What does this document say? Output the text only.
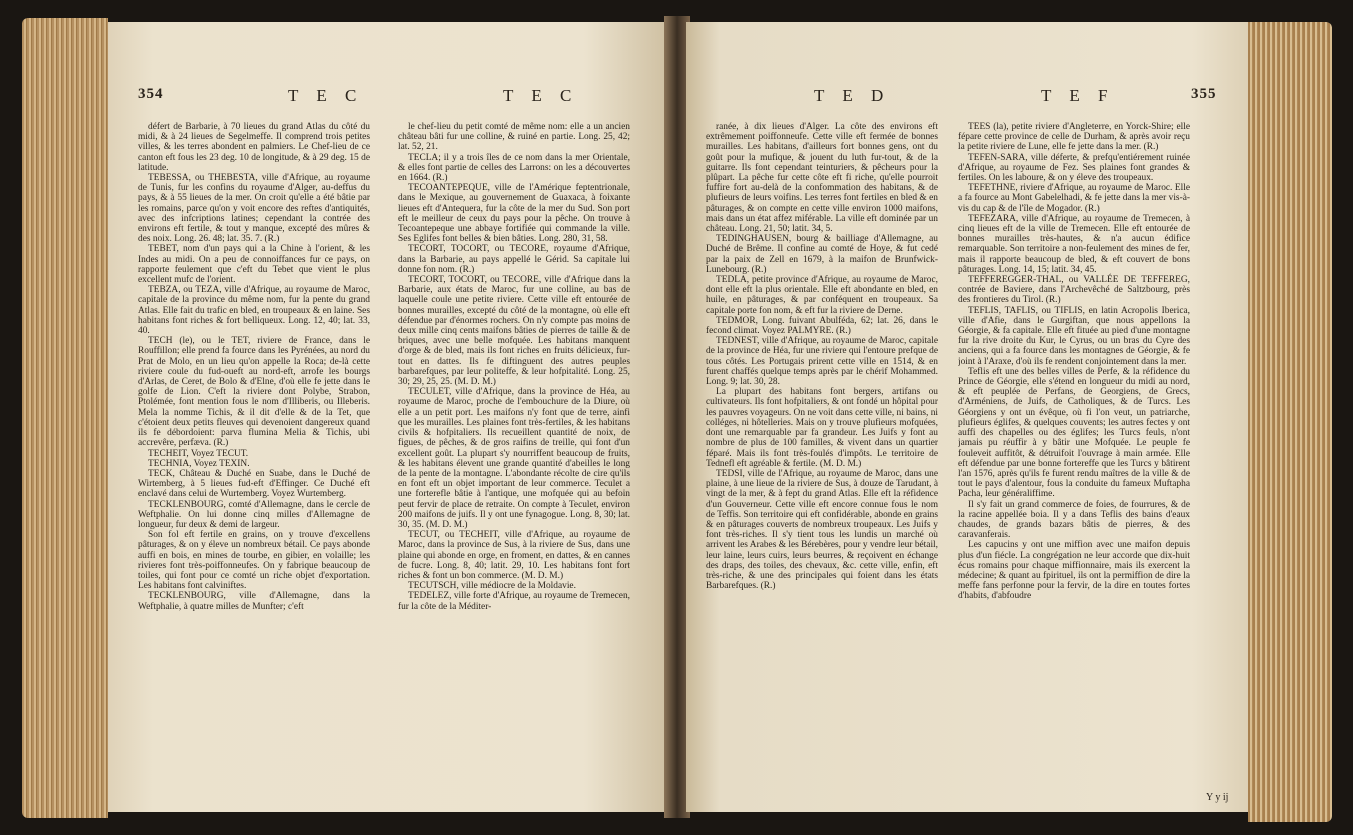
354	T E C	T E C

défert de Barbarie, à 70 lieues du grand Atlas du côté du midi, & à 24 lieues de Segelmeffe. Il comprend trois petites villes, & les terres abondent en palmiers. Le Chef-lieu de ce canton eft fous les 23 deg. 10 de longitude, & à 29 deg. 15 de latitude.

TEBESSA, ou THEBESTA, ville d'Afrique, au royaume de Tunis, fur les confins du royaume d'Alger, au-deffus du pays, & à 55 lieues de la mer. On croit qu'elle a été bâtie par les romains, parce qu'on y voit encore des reftes d'antiquités, avec des infcriptions latines; cependant la contrée des environs eft fertile, & tout y manque, excepté des mûres & des noix. Long. 26. 48; lat. 35. 7. (R.)

TEBET, nom d'un pays qui a la Chine à l'orient, & les Indes au midi. On a peu de connoiffances fur ce pays, on rapporte feulement que c'eft du Tebet que vient le plus excellent mufc de l'orient.

TEBZA, ou TEZA, ville d'Afrique, au royaume de Maroc, capitale de la province du même nom, fur la pente du grand Atlas. Elle fait du trafic en bled, en troupeaux & en laine. Ses habitans font riches & fort belliqueux. Long. 12, 40; lat. 33, 40.

TECH (le), ou le TET, riviere de France, dans le Rouffillon; elle prend fa fource dans les Pyrénées, au nord du Prat de Molo, en un lieu qu'on appelle la Roca; de-là cette riviere coule du fud-oueft au nord-eft, arrofe les bourgs d'Arlas, de Ceret, de Bolo & d'Elne, d'où elle fe jette dans le golfe de Lion. C'eft la riviere dont Polybe, Strabon, Ptolémée, font mention fous le nom d'Illiberis, ou Illeberis. Mela la nomme Tichis, & il dit d'elle & de la Tet, que c'étoient deux petits fleuves qui devenoient dangereux quand ils fe débordoient: parva flumina Melia & Tichis, ubi accrevêre, perfæva. (R.)

TECHEIT, Voyez TECUT.

TECHNIA, Voyez TEXIN.

TECK, Château & Duché en Suabe, dans le Duché de Wirtemberg, à 5 lieues fud-eft d'Effinger. Ce Duché eft enclavé dans celui de Wurtemberg. Voyez Wurtemberg.

TECKLENBOURG, comté d'Allemagne, dans le cercle de Weftphalie. On lui donne cinq milles d'Allemagne de longueur, fur deux & demi de largeur.

Son fol eft fertile en grains, on y trouve d'excellens pâturages, & on y éleve un nombreux bétail. Ce pays abonde auffi en bois, en mines de tourbe, en gibier, en volaille; les rivieres font très-poiffonneufes. On y fabrique beaucoup de toiles, qui font pour ce comté un riche objet d'exportation. Les habitans font calviniftes.

TECKLENBOURG, ville d'Allemagne, dans la Weftphalie, à quatre milles de Munfter; c'eft

le chef-lieu du petit comté de même nom: elle a un ancien château bâti fur une colline, & ruiné en partie. Long. 25, 42; lat. 52, 21.

TECLA; il y a trois îles de ce nom dans la mer Orientale, & elles font partie de celles des Larrons: on les a découvertes en 1664. (R.)

TECOANTEPEQUE, ville de l'Amérique feptentrionale, dans le Mexique, au gouvernement de Guaxaca, à foixante lieues eft d'Antequera, fur la côte de la mer du Sud. Son port eft le meilleur de ceux du pays pour la pêche. On trouve à Tecoantepeque une abbaye fortifiée qui commande la ville. Ses Eglifes font belles & bien bâties. Long. 280, 31, 58.

TECORT, TOCORT, ou TECORE, royaume d'Afrique, dans la Barbarie, au pays appellé le Gérid. Sa capitale lui donne fon nom. (R.)

TECORT, TOCORT, ou TECORE, ville d'Afrique dans la Barbarie, aux états de Maroc, fur une colline, au bas de laquelle coule une petite riviere. Cette ville eft entourée de bonnes murailles, excepté du côté de la montagne, où elle eft défendue par d'énormes rochers. On n'y compte pas moins de deux mille cinq cents maifons bâties de pierres de taille & de briques, avec une belle mofquée. Les habitans manquent d'orge & de bled, mais ils font riches en fruits délicieux, fur-tout en dattes. Ils fe diftinguent des autres peuples barbarefques, par leur politeffe, & leur hofpitalité. Long. 25, 30; 29, 25, 25. (M. D. M.)

TECULET, ville d'Afrique, dans la province de Héa, au royaume de Maroc, proche de l'embouchure de la Diure, où elle a un petit port. Les maifons n'y font que de terre, ainfi que les murailles. Les plaines font très-fertiles, & les habitans civils & hofpitaliers. Ils recueillent quantité de noix, de figues, de pêches, & de gros raifins de treille, qui font d'un excellent goût. La plupart s'y nourriffent beaucoup de fruits, & les habitans élevent une grande quantité d'abeilles le long de la pente de la montagne. L'abondante récolte de cire qu'ils en font eft un objet important de leur commerce. Teculet a une forterefle bâtie à l'antique, une mofquée qui au befoin peut fervir de place de retraite. On compte à Teculet, environ 200 maifons de juifs. Il y ont une fynagogue. Long. 8, 30; lat. 30, 35. (M. D. M.)

TECUT, ou TECHEIT, ville d'Afrique, au royaume de Maroc, dans la province de Sus, à la riviere de Sus, dans une plaine qui abonde en orge, en froment, en dattes, & en cannes de fucre. Long. 8, 40; latit. 29, 10. Les habitans font fort riches & font un bon commerce. (M. D. M.)

TECUTSCH, ville médiocre de la Moldavie.

TEDELEZ, ville forte d'Afrique, au royaume de Tremecen, fur la côte de la Méditer-

T E D	T E F	355

ranée, à dix lieues d'Alger. La côte des environs eft extrêmement poiffonneufe. Cette ville eft fermée de bonnes murailles. Les habitans, d'ailleurs fort bonnes gens, ont du goût pour la mufique, & jouent du luth fur-tout, & de la guitarre. Ils font cependant teinturiers, & pêcheurs pour la plûpart. La pêche fur cette côte eft fi riche, qu'elle pourroit fuffire fort au-delà de la confommation des habitans, & de plufieurs de leurs voifins. Les terres font fertiles en bled & en pâturages, & on compte en cette ville environ 1000 maifons, mais dans un état affez miférable. La ville eft dominée par un château. Long. 21, 50; latit. 34, 5.

TEDINGHAUSEN, bourg & bailliage d'Allemagne, au Duché de Brême. Il confine au comté de Hoye, & fut cedé par la paix de Zell en 1679, à la maifon de Brunfwick-Lunebourg. (R.)

TEDLA, petite province d'Afrique, au royaume de Maroc, dont elle eft la plus orientale. Elle eft abondante en bled, en huile, en pâturages, & par conféquent en troupeaux. Sa capitale porte fon nom, & eft fur la riviere de Derne.

TEDMOR, Long. fuivant Abulféda, 62; lat. 26, dans le fecond climat. Voyez PALMYRE. (R.)

TEDNEST, ville d'Afrique, au royaume de Maroc, capitale de la province de Héa, fur une riviere qui l'entoure prefque de tous côtés. Les Portugais prirent cette ville en 1514, & en furent chaffés quelque temps après par le chérif Mohammed. Long. 9; lat. 30, 28.

La plupart des habitans font bergers, artifans ou cultivateurs. Ils font hofpitaliers, & ont fondé un hôpital pour les pauvres voyageurs. On ne voit dans cette ville, ni bains, ni colléges, ni hôtelleries. Mais on y trouve plufieurs mofquées, dont une remarquable par fa grandeur. Les Juifs y font au nombre de plus de 100 familles, & vivent dans un quartier féparé. Mais ils font très-foulés d'impôts. Le territoire de Tednefl eft agréable & fertile. (M. D. M.)

TEDSI, ville de l'Afrique, au royaume de Maroc, dans une plaine, à une lieue de la riviere de Sus, à douze de Tarudant, à vingt de la mer, & à fept du grand Atlas. Elle eft la réfidence d'un Gouverneur. Cette ville eft encore connue fous le nom de Teffis. Son territoire qui eft confidérable, abonde en grains & en pâturages couverts de nombreux troupeaux. Les Juifs y font très-riches. Il s'y tient tous les lundis un marché où arrivent les Arabes & les Bérebères, pour y vendre leur bétail, leur laine, leurs cuirs, leurs beurres, & reçoivent en échange des draps, des toiles, des chevaux, &c. cette ville, enfin, eft très-riche, & une des principales qui foient dans les états Barbarefques. (R.)

TÉES (la), petite riviere d'Angleterre, en Yorck-Shire; elle fépare cette province de celle de Durham, & après avoir reçu la petite riviere de Lune, elle fe jette dans la mer. (R.)

TEFEN-SARA, ville déferte, & prefqu'entiérement ruinée d'Afrique, au royaume de Fez. Ses plaines font grandes & fertiles. On les laboure, & on y éleve des troupeaux.

TEFETHNE, riviere d'Afrique, au royaume de Maroc. Elle a fa fource au Mont Gabelelhadi, & fe jette dans la mer vis-à-vis du cap & de l'île de Mogador. (R.)

TEFEZARA, ville d'Afrique, au royaume de Tremecen, à cinq lieues eft de la ville de Tremecen. Elle eft entourée de bonnes murailles très-hautes, & n'a aucun édifice remarquable. Son territoire a non-feulement des mines de fer, mais il rapporte beaucoup de bled, & eft couvert de bons pâturages. Long. 14, 15; latit. 34, 45.

TEFFEREGGER-THAL, ou VALLÉE DE TEFFEREG, contrée de Baviere, dans l'Archevêché de Saltzbourg, près des frontieres du Tirol. (R.)

TEFLIS, TAFLIS, ou TIFLIS, en latin Acropolis Iberica, ville d'Afie, dans le Gurgiftan, que nous appellons la Géorgie, & fa capitale. Elle eft fituée au pied d'une montagne fur la rive droite du Kur, le Cyrus, ou un bras du Cyre des anciens, qui a fa fource dans les montagnes de Géorgie, & fe joint à l'Araxe, d'où ils fe rendent conjointement dans la mer.

Teflis eft une des belles villes de Perfe, & la réfidence du Prince de Géorgie, elle s'étend en longueur du midi au nord, & eft peuplée de Perfans, de Georgiens, de Grecs, d'Arméniens, de Juifs, de Catholiques, & de Turcs. Les Géorgiens y ont un évêque, où fi l'on veut, un patriarche, plufieurs églifes, & quelques couvents; les autres fectes y ont auffi des chapelles ou des églifes; les Turcs feuls, n'ont jamais pu réuffir à y bâtir une Mofquée. Le peuple fe fouleveit auffitôt, & détruifoit l'ouvrage à main armée. Elle eft défendue par une bonne fortereffe que les Turcs y bâtirent l'an 1576, après qu'ils fe furent rendu maîtres de la ville & de tout le pays d'alentour, fous la conduite du fameux Muftapha Pacha, leur généraliffime.

Il s'y fait un grand commerce de foies, de fourrures, & de la racine appellée boia. Il y a dans Teflis des bains d'eaux chaudes, de grands bazars bâtis de pierres, & des caravanferais.

Les capucins y ont une miffion avec une maifon depuis plus d'un fiécle. La congrégation ne leur accorde que dix-huit écus romains pour chaque miffionnaire, mais ils exercent la médecine; & quant au fpirituel, ils ont la permiffion de dire la meffe fans perfonne pour la fervir, de la dire en toutes fortes d'habits, d'abfoudre

Y y ij
